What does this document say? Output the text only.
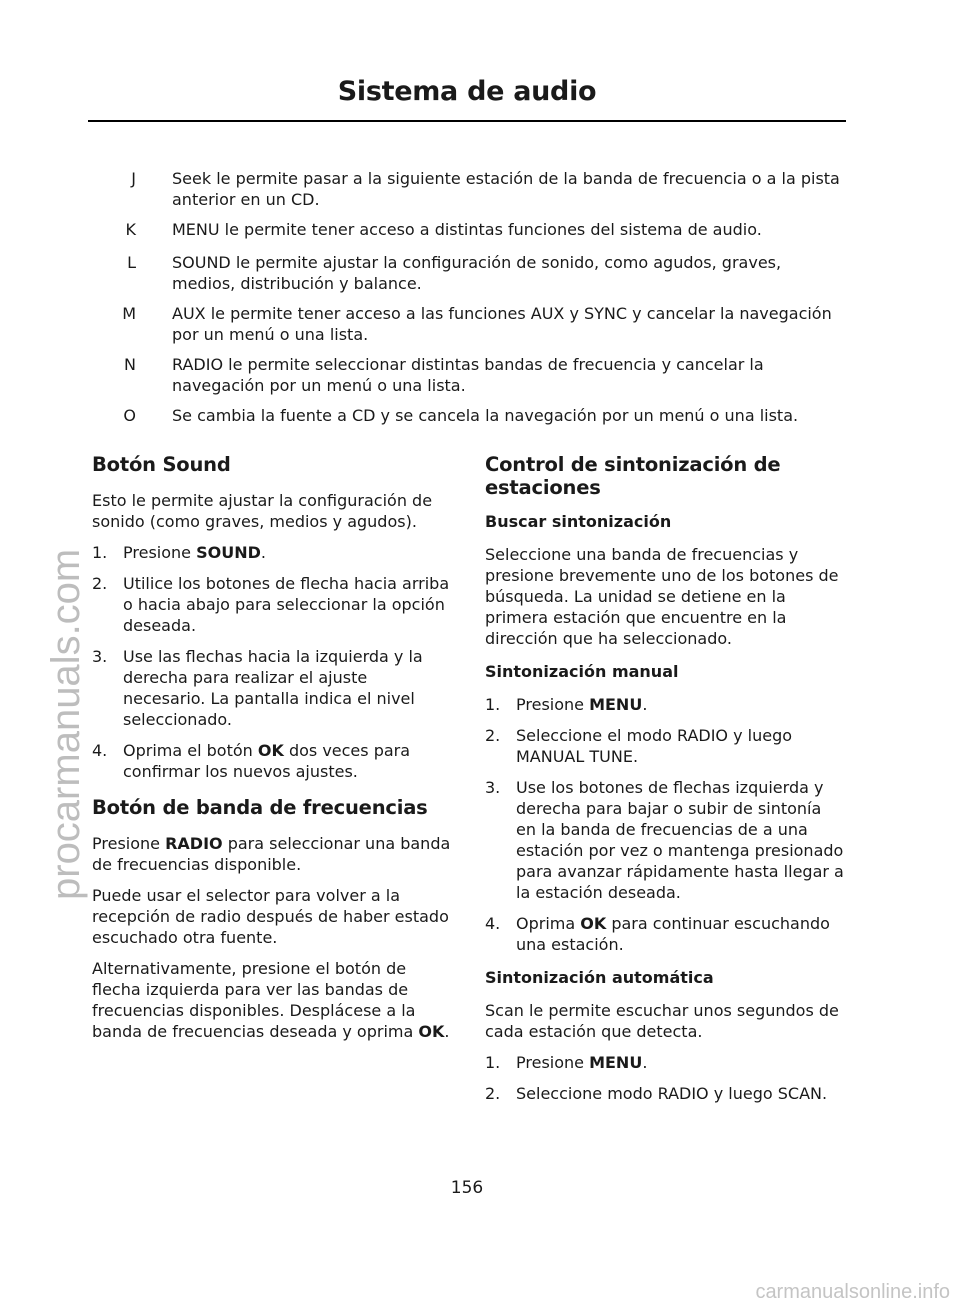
Sistema de audio
procarmanuals.com
J Seek le permite pasar a la siguiente estación de la banda de frecuencia o a la pista anterior en un CD.
K MENU le permite tener acceso a distintas funciones del sistema de audio.
L SOUND le permite ajustar la configuración de sonido, como agudos, graves, medios, distribución y balance.
M AUX le permite tener acceso a las funciones AUX y SYNC y cancelar la navegación por un menú o una lista.
N RADIO le permite seleccionar distintas bandas de frecuencia y cancelar la navegación por un menú o una lista.
O Se cambia la fuente a CD y se cancela la navegación por un menú o una lista.
Botón Sound

Esto le permite ajustar la configuración de sonido (como graves, medios y agudos).

1. Presione SOUND.
2. Utilice los botones de flecha hacia arriba o hacia abajo para seleccionar la opción deseada.
3. Use las flechas hacia la izquierda y la derecha para realizar el ajuste necesario. La pantalla indica el nivel seleccionado.
4. Oprima el botón OK dos veces para confirmar los nuevos ajustes.
Botón de banda de frecuencias

Presione RADIO para seleccionar una banda de frecuencias disponible.

Puede usar el selector para volver a la recepción de radio después de haber estado escuchado otra fuente.

Alternativamente, presione el botón de flecha izquierda para ver las bandas de frecuencias disponibles. Desplácese a la banda de frecuencias deseada y oprima OK.

Control de sintonización de estaciones
Buscar sintonización

Seleccione una banda de frecuencias y presione brevemente uno de los botones de búsqueda. La unidad se detiene en la primera estación que encuentre en la dirección que ha seleccionado.

Sintonización manual
1. Presione MENU.
2. Seleccione el modo RADIO y luego MANUAL TUNE.
3. Use los botones de flechas izquierda y derecha para bajar o subir de sintonía en la banda de frecuencias de a una estación por vez o mantenga presionado para avanzar rápidamente hasta llegar a la estación deseada.
4. Oprima OK para continuar escuchando una estación.
Sintonización automática

Scan le permite escuchar unos segundos de cada estación que detecta.

1. Presione MENU.
2. Seleccione modo RADIO y luego SCAN.
156
carmanualsonline.info
